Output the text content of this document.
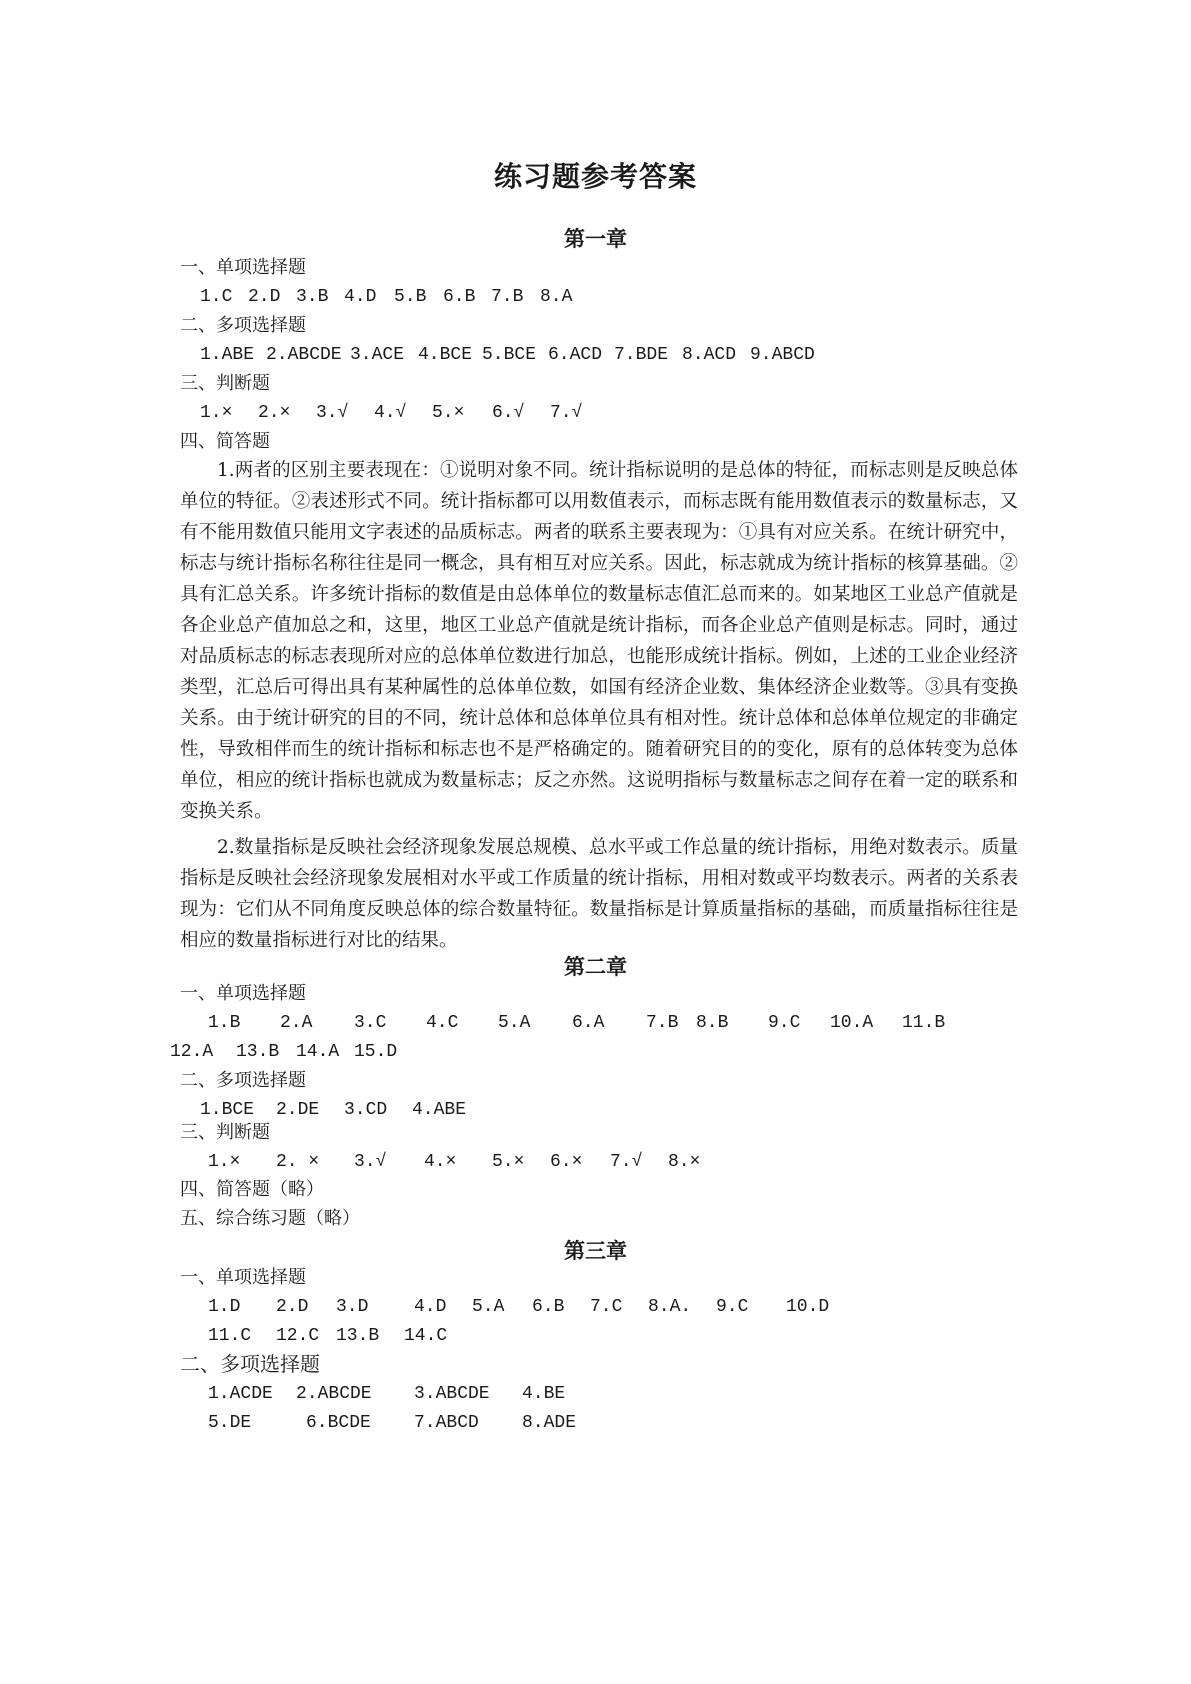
练习题参考答案
第一章
一、单项选择题
1.C 2.D 3.B 4.D 5.B 6.B 7.B 8.A
二、多项选择题
1.ABE 2.ABCDE 3.ACE 4.BCE 5.BCE 6.ACD 7.BDE 8.ACD 9.ABCD
三、判断题
1.× 2.× 3.√ 4.√ 5.× 6.√ 7.√
四、简答题
1.两者的区别主要表现在：①说明对象不同。统计指标说明的是总体的特征，而标志则是反映总体单位的特征。②表述形式不同。统计指标都可以用数值表示，而标志既有能用数值表示的数量标志，又有不能用数值只能用文字表述的品质标志。两者的联系主要表现为：①具有对应关系。在统计研究中，标志与统计指标名称往往是同一概念，具有相互对应关系。因此，标志就成为统计指标的核算基础。②具有汇总关系。许多统计指标的数值是由总体单位的数量标志值汇总而来的。如某地区工业总产值就是各企业总产值加总之和，这里，地区工业总产值就是统计指标，而各企业总产值则是标志。同时，通过对品质标志的标志表现所对应的总体单位数进行加总，也能形成统计指标。例如，上述的工业企业经济类型，汇总后可得出具有某种属性的总体单位数，如国有经济企业数、集体经济企业数等。③具有变换关系。由于统计研究的目的不同，统计总体和总体单位具有相对性。统计总体和总体单位规定的非确定性，导致相伴而生的统计指标和标志也不是严格确定的。随着研究目的的变化，原有的总体转变为总体单位，相应的统计指标也就成为数量标志；反之亦然。这说明指标与数量标志之间存在着一定的联系和变换关系。
2.数量指标是反映社会经济现象发展总规模、总水平或工作总量的统计指标，用绝对数表示。质量指标是反映社会经济现象发展相对水平或工作质量的统计指标，用相对数或平均数表示。两者的关系表现为：它们从不同角度反映总体的综合数量特征。数量指标是计算质量指标的基础，而质量指标往往是相应的数量指标进行对比的结果。
第二章
一、单项选择题
1.B 2.A 3.C 4.C 5.A 6.A 7.B 8.B 9.C 10.A 11.B
12.A 13.B 14.A 15.D
二、多项选择题
1.BCE 2.DE 3.CD 4.ABE
三、判断题
1.× 2. × 3.√ 4.× 5.× 6.× 7.√ 8.×
四、简答题（略）
五、综合练习题（略）
第三章
一、单项选择题
1.D 2.D 3.D	4.D 5.A 6.B 7.C 8.A. 9.C 10.D
11.C 12.C 13.B 14.C
二、多项选择题
1.ACDE 2.ABCDE 3.ABCDE 4.BE
5.DE	6.BCDE 7.ABCD 8.ADE
